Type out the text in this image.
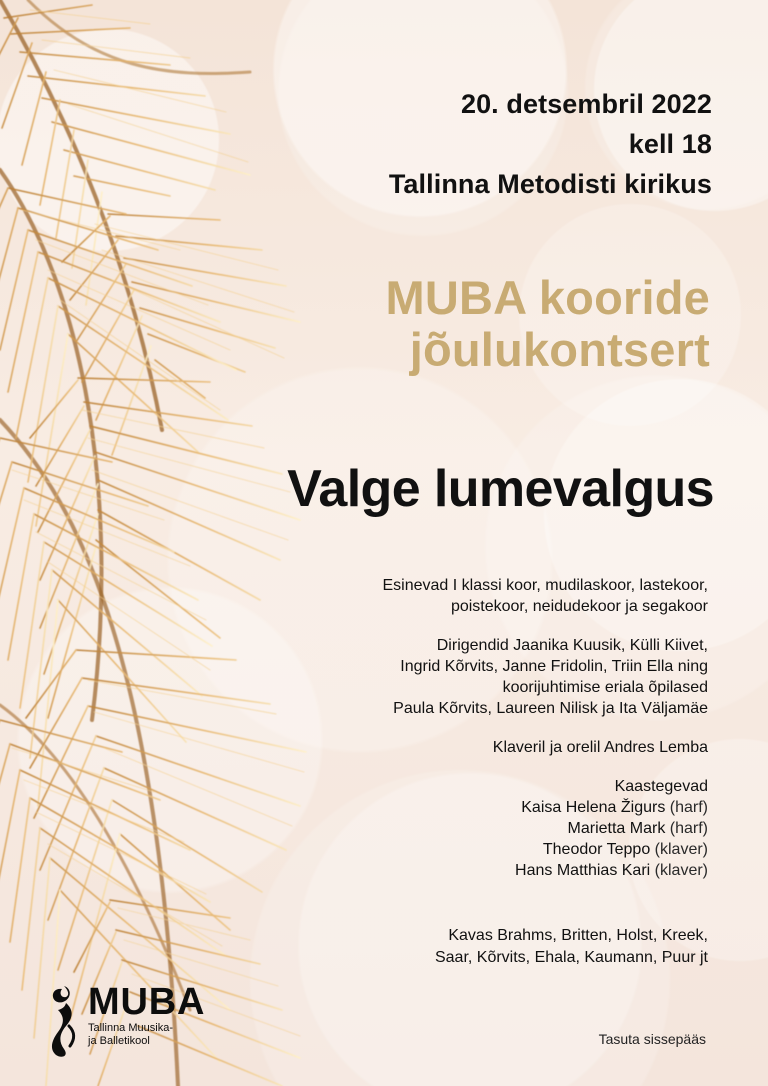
20. detsembril 2022
kell 18
Tallinna Metodisti kirikus
MUBA kooride
jõulukontsert
Valge lumevalgus
Esinevad I klassi koor, mudilaskoor, lastekoor,
poistekoor, neidudekoor ja segakoor
Dirigendid Jaanika Kuusik, Külli Kiivet,
Ingrid Kõrvits, Janne Fridolin, Triin Ella ning
koorijuhtimise eriala õpilased
Paula Kõrvits, Laureen Nilisk ja Ita Väljamäe
Klaveril ja orelil Andres Lemba
Kaastegevad
Kaisa Helena Žigurs (harf)
Marietta Mark (harf)
Theodor Teppo (klaver)
Hans Matthias Kari (klaver)
Kavas Brahms, Britten, Holst, Kreek,
Saar, Kõrvits, Ehala, Kaumann, Puur jt
Tasuta sissepääs
MUBA
Tallinna Muusika-
ja Balletikool
